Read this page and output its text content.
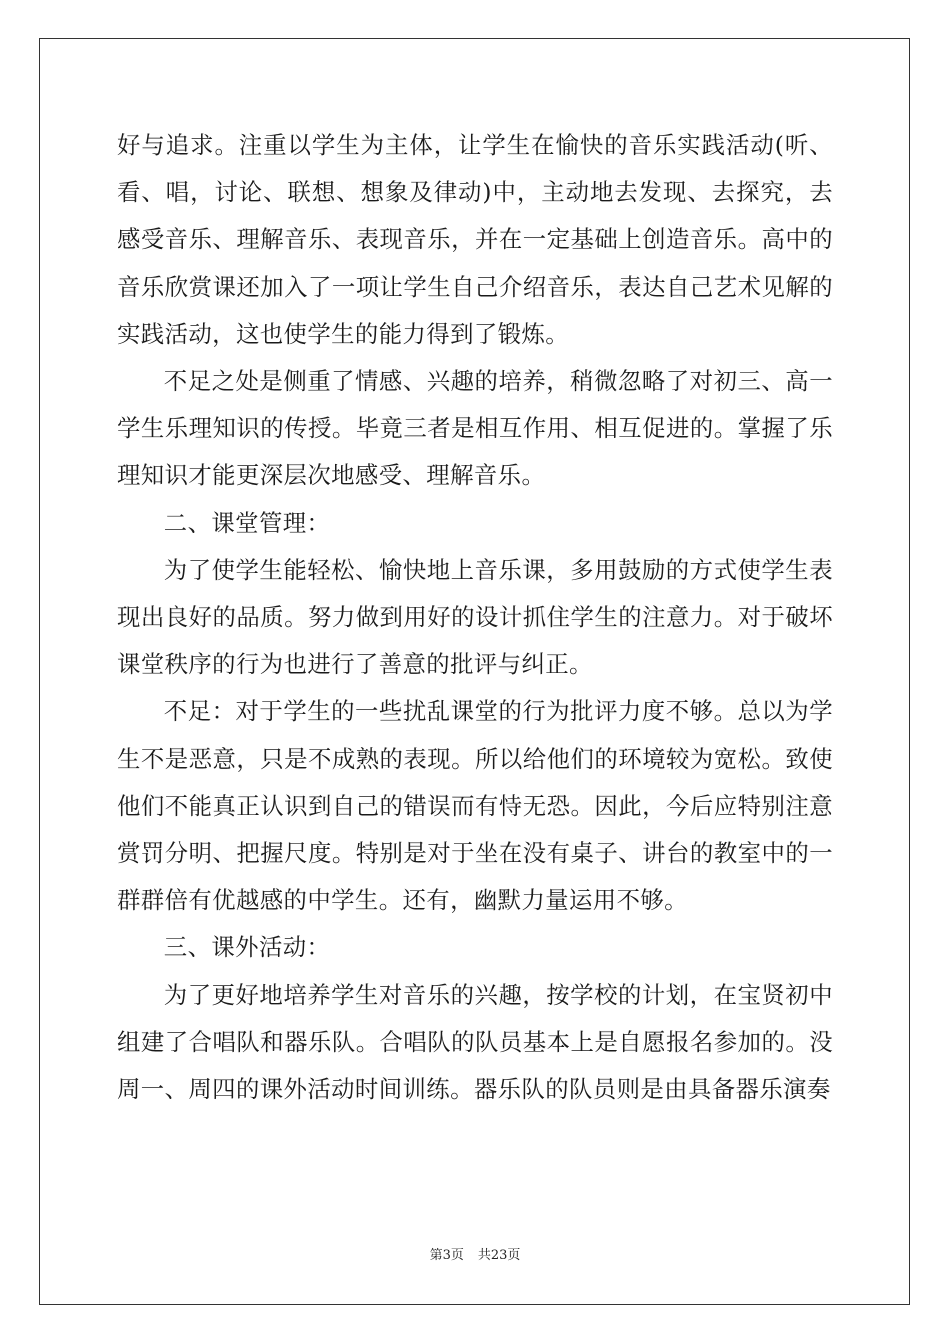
好与追求。注重以学生为主体，让学生在愉快的音乐实践活动(听、看、唱，讨论、联想、想象及律动)中，主动地去发现、去探究，去感受音乐、理解音乐、表现音乐，并在一定基础上创造音乐。高中的音乐欣赏课还加入了一项让学生自己介绍音乐，表达自己艺术见解的实践活动，这也使学生的能力得到了锻炼。

不足之处是侧重了情感、兴趣的培养，稍微忽略了对初三、高一学生乐理知识的传授。毕竟三者是相互作用、相互促进的。掌握了乐理知识才能更深层次地感受、理解音乐。

二、课堂管理：

为了使学生能轻松、愉快地上音乐课，多用鼓励的方式使学生表现出良好的品质。努力做到用好的设计抓住学生的注意力。对于破坏课堂秩序的行为也进行了善意的批评与纠正。

不足：对于学生的一些扰乱课堂的行为批评力度不够。总以为学生不是恶意，只是不成熟的表现。所以给他们的环境较为宽松。致使他们不能真正认识到自己的错误而有恃无恐。因此，今后应特别注意赏罚分明、把握尺度。特别是对于坐在没有桌子、讲台的教室中的一群群倍有优越感的中学生。还有，幽默力量运用不够。

三、课外活动：

为了更好地培养学生对音乐的兴趣，按学校的计划，在宝贤初中组建了合唱队和器乐队。合唱队的队员基本上是自愿报名参加的。没周一、周四的课外活动时间训练。器乐队的队员则是由具备器乐演奏

第3页 共23页
